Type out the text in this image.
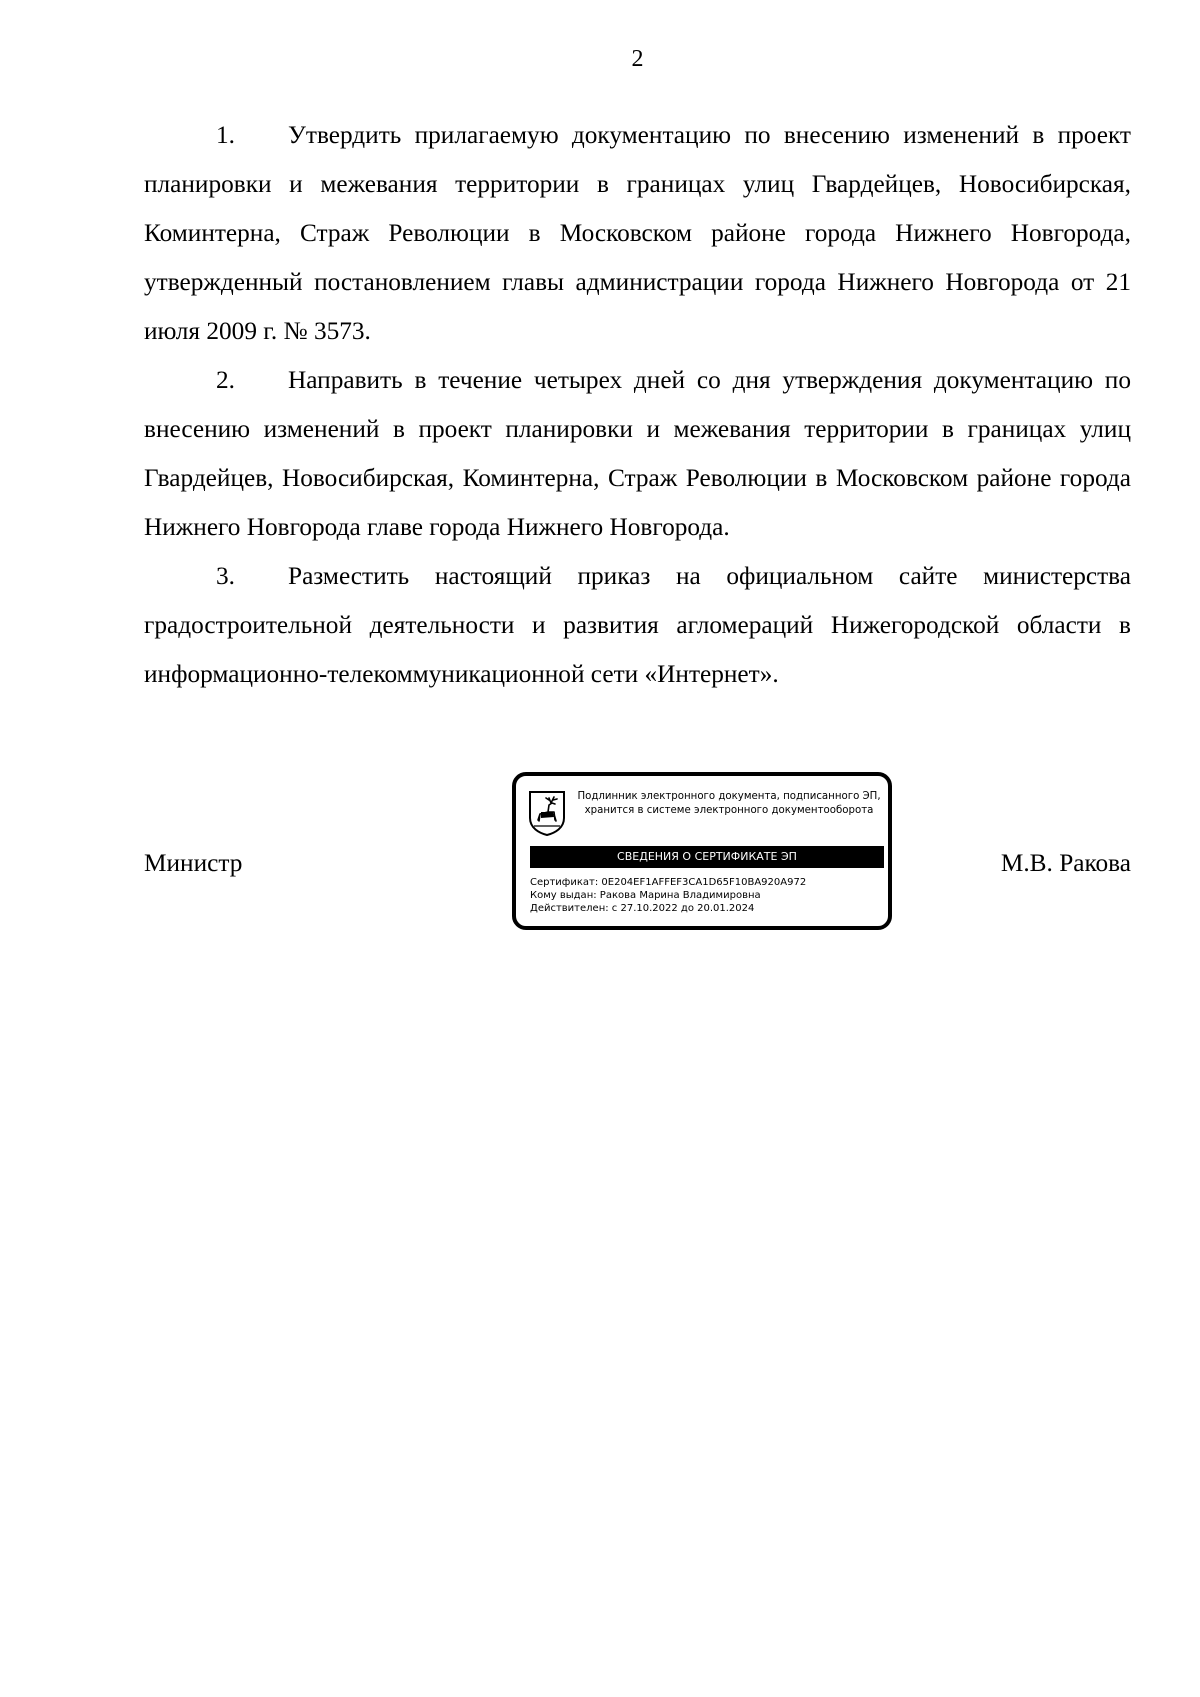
2

1. Утвердить прилагаемую документацию по внесению изменений в проект планировки и межевания территории в границах улиц Гвардейцев, Новосибирская, Коминтерна, Страж Революции в Московском районе города Нижнего Новгорода, утвержденный постановлением главы администрации города Нижнего Новгорода от 21 июля 2009 г. № 3573.

2. Направить в течение четырех дней со дня утверждения документацию по внесению изменений в проект планировки и межевания территории в границах улиц Гвардейцев, Новосибирская, Коминтерна, Страж Революции в Московском районе города Нижнего Новгорода главе города Нижнего Новгорода.

3. Разместить настоящий приказ на официальном сайте министерства градостроительной деятельности и развития агломераций Нижегородской области в информационно-телекоммуникационной сети «Интернет».

Министр	М.В. Ракова
Подлинник электронного документа, подписанного ЭП,
хранится в системе электронного документооборота
СВЕДЕНИЯ О СЕРТИФИКАТЕ ЭП
Сертификат: 0E204EF1AFFEF3CA1D65F10BA920A972
Кому выдан: Ракова Марина Владимировна
Действителен: с 27.10.2022 до 20.01.2024
